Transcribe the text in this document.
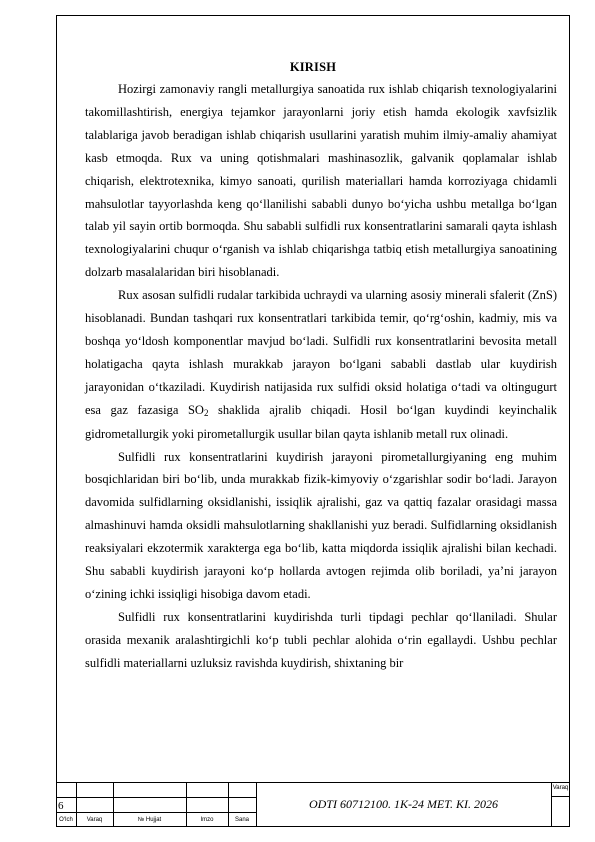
KIRISH

Hozirgi zamonaviy rangli metallurgiya sanoatida rux ishlab chiqarish texnologiyalarini takomillashtirish, energiya tejamkor jarayonlarni joriy etish hamda ekologik xavfsizlik talablariga javob beradigan ishlab chiqarish usullarini yaratish muhim ilmiy-amaliy ahamiyat kasb etmoqda. Rux va uning qotishmalari mashinasozlik, galvanik qoplamalar ishlab chiqarish, elektrotexnika, kimyo sanoati, qurilish materiallari hamda korroziyaga chidamli mahsulotlar tayyorlashda keng qo‘llanilishi sababli dunyo bo‘yicha ushbu metallga bo‘lgan talab yil sayin ortib bormoqda. Shu sababli sulfidli rux konsentratlarini samarali qayta ishlash texnologiyalarini chuqur o‘rganish va ishlab chiqarishga tatbiq etish metallurgiya sanoatining dolzarb masalalaridan biri hisoblanadi.

Rux asosan sulfidli rudalar tarkibida uchraydi va ularning asosiy minerali sfalerit (ZnS) hisoblanadi. Bundan tashqari rux konsentratlari tarkibida temir, qo‘rg‘oshin, kadmiy, mis va boshqa yo‘ldosh komponentlar mavjud bo‘ladi. Sulfidli rux konsentratlarini bevosita metall holatigacha qayta ishlash murakkab jarayon bo‘lgani sababli dastlab ular kuydirish jarayonidan o‘tkaziladi. Kuydirish natijasida rux sulfidi oksid holatiga o‘tadi va oltingugurt esa gaz fazasiga $SO_2$ shaklida ajralib chiqadi. Hosil bo‘lgan kuydindi keyinchalik gidrometallurgik yoki pirometallurgik usullar bilan qayta ishlanib metall rux olinadi.

Sulfidli rux konsentratlarini kuydirish jarayoni pirometallurgiyaning eng muhim bosqichlaridan biri bo‘lib, unda murakkab fizik-kimyoviy o‘zgarishlar sodir bo‘ladi. Jarayon davomida sulfidlarning oksidlanishi, issiqlik ajralishi, gaz va qattiq fazalar orasidagi massa almashinuvi hamda oksidli mahsulotlarning shakllanishi yuz beradi. Sulfidlarning oksidlanish reaksiyalari ekzotermik xarakterga ega bo‘lib, katta miqdorda issiqlik ajralishi bilan kechadi. Shu sababli kuydirish jarayoni ko‘p hollarda avtogen rejimda olib boriladi, ya’ni jarayon o‘zining ichki issiqligi hisobiga davom etadi.

Sulfidli rux konsentratlarini kuydirishda turli tipdagi pechlar qo‘llaniladi. Shular orasida mexanik aralashtirgichli ko‘p tubli pechlar alohida o‘rin egallaydi. Ushbu pechlar sulfidli materiallarni uzluksiz ravishda kuydirish, shixtaning bir

6
O‘lch	Varaq	№ Hujjat	Imzo	Sana
ODTI 60712100. 1K-24 MET. KI. 2026
Varaq
